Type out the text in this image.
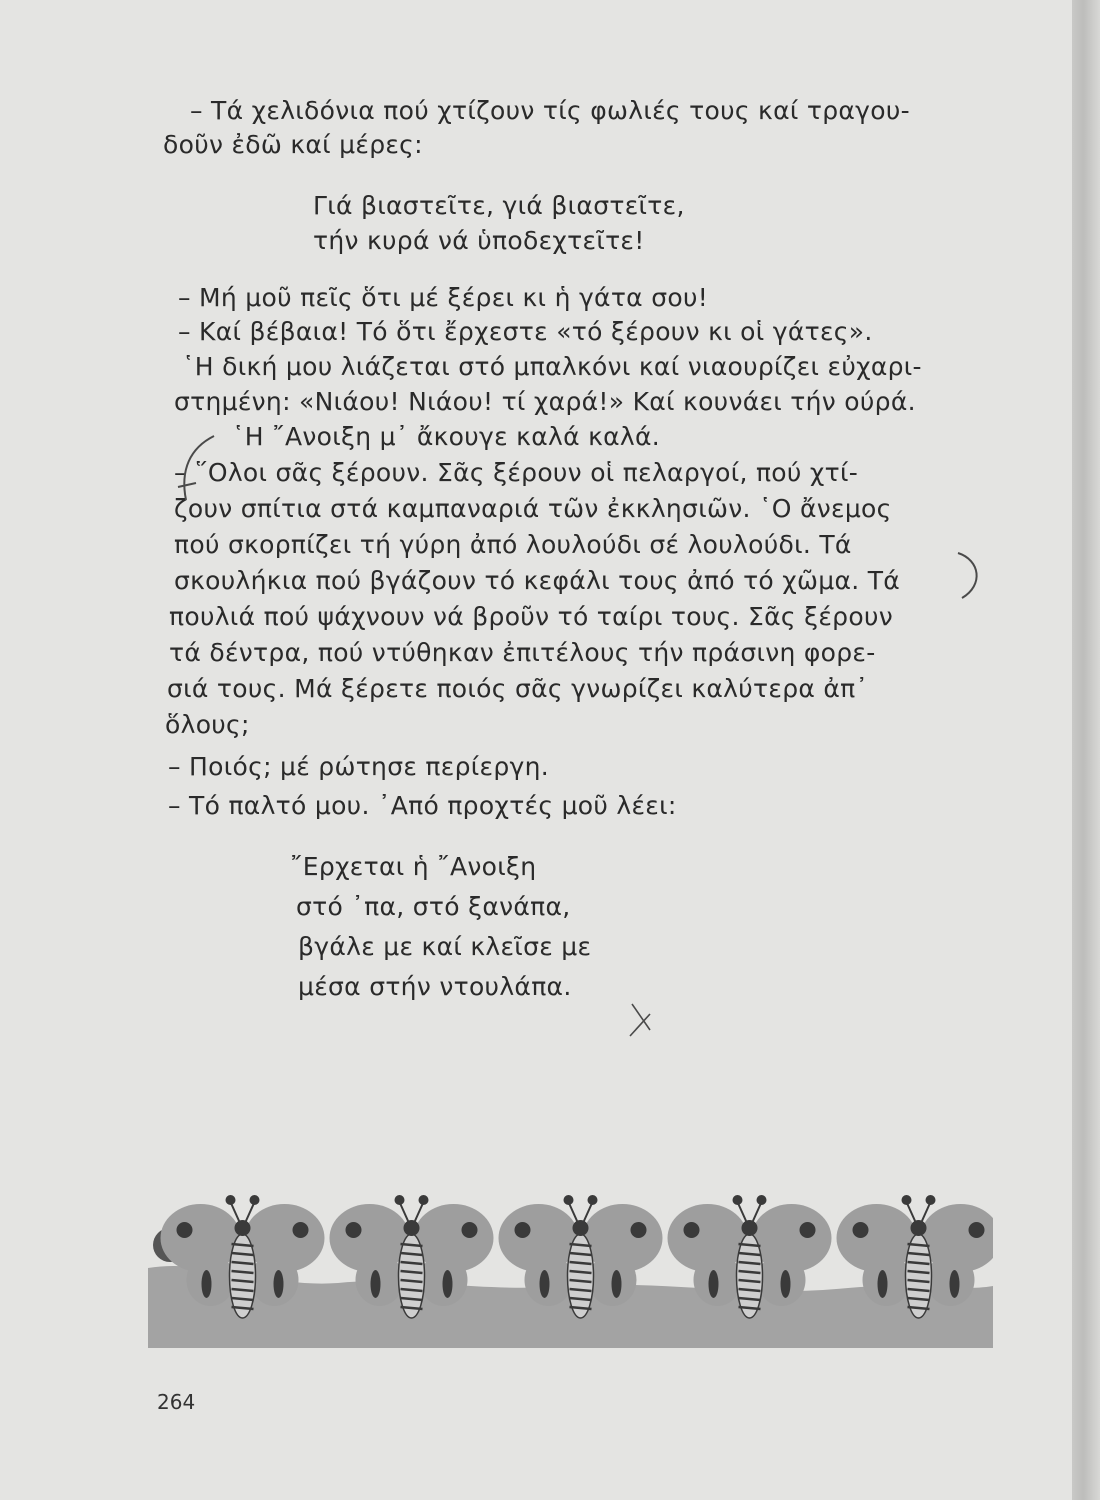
– Τά χελιδόνια πού χτίζουν τίς φωλιές τους καί τραγου-
δοῦν ἐδῶ καί μέρες:
Γιά βιαστεῖτε, γιά βιαστεῖτε,
τήν κυρά νά ὑποδεχτεῖτε!
– Μή μοῦ πεῖς ὅτι μέ ξέρει κι ἡ γάτα σου!
– Καί βέβαια! Τό ὅτι ἔρχεστε «τό ξέρουν κι οἱ γάτες».
῾Η δική μου λιάζεται στό μπαλκόνι καί νιαουρίζει εὐχαρι-
στημένη: «Νιάου! Νιάου! τί χαρά!» Καί κουνάει τήν ούρά.
῾Η ῎Ανοιξη μ᾽ ἄκουγε καλά καλά.
– ῞Ολοι σᾶς ξέρουν. Σᾶς ξέρουν οἱ πελαργοί, πού χτί-
ζουν σπίτια στά καμπαναριά τῶν ἐκκλησιῶν. ῾Ο ἄνεμος
πού σκορπίζει τή γύρη ἀπό λουλούδι σέ λουλούδι. Τά
σκουλήκια πού βγάζουν τό κεφάλι τους ἀπό τό χῶμα. Τά
πουλιά πού ψάχνουν νά βροῦν τό ταίρι τους. Σᾶς ξέρουν
τά δέντρα, πού ντύθηκαν ἐπιτέλους τήν πράσινη φορε-
σιά τους. Μά ξέρετε ποιός σᾶς γνωρίζει καλύτερα ἀπ᾽
ὅλους;
– Ποιός; μέ ρώτησε περίεργη.
– Τό παλτό μου. ᾽Από προχτές μοῦ λέει:
῎Ερχεται ἡ ῎Ανοιξη
στό ᾽πα, στό ξανάπα,
βγάλε με καί κλεῖσε με
μέσα στήν ντουλάπα.
264
